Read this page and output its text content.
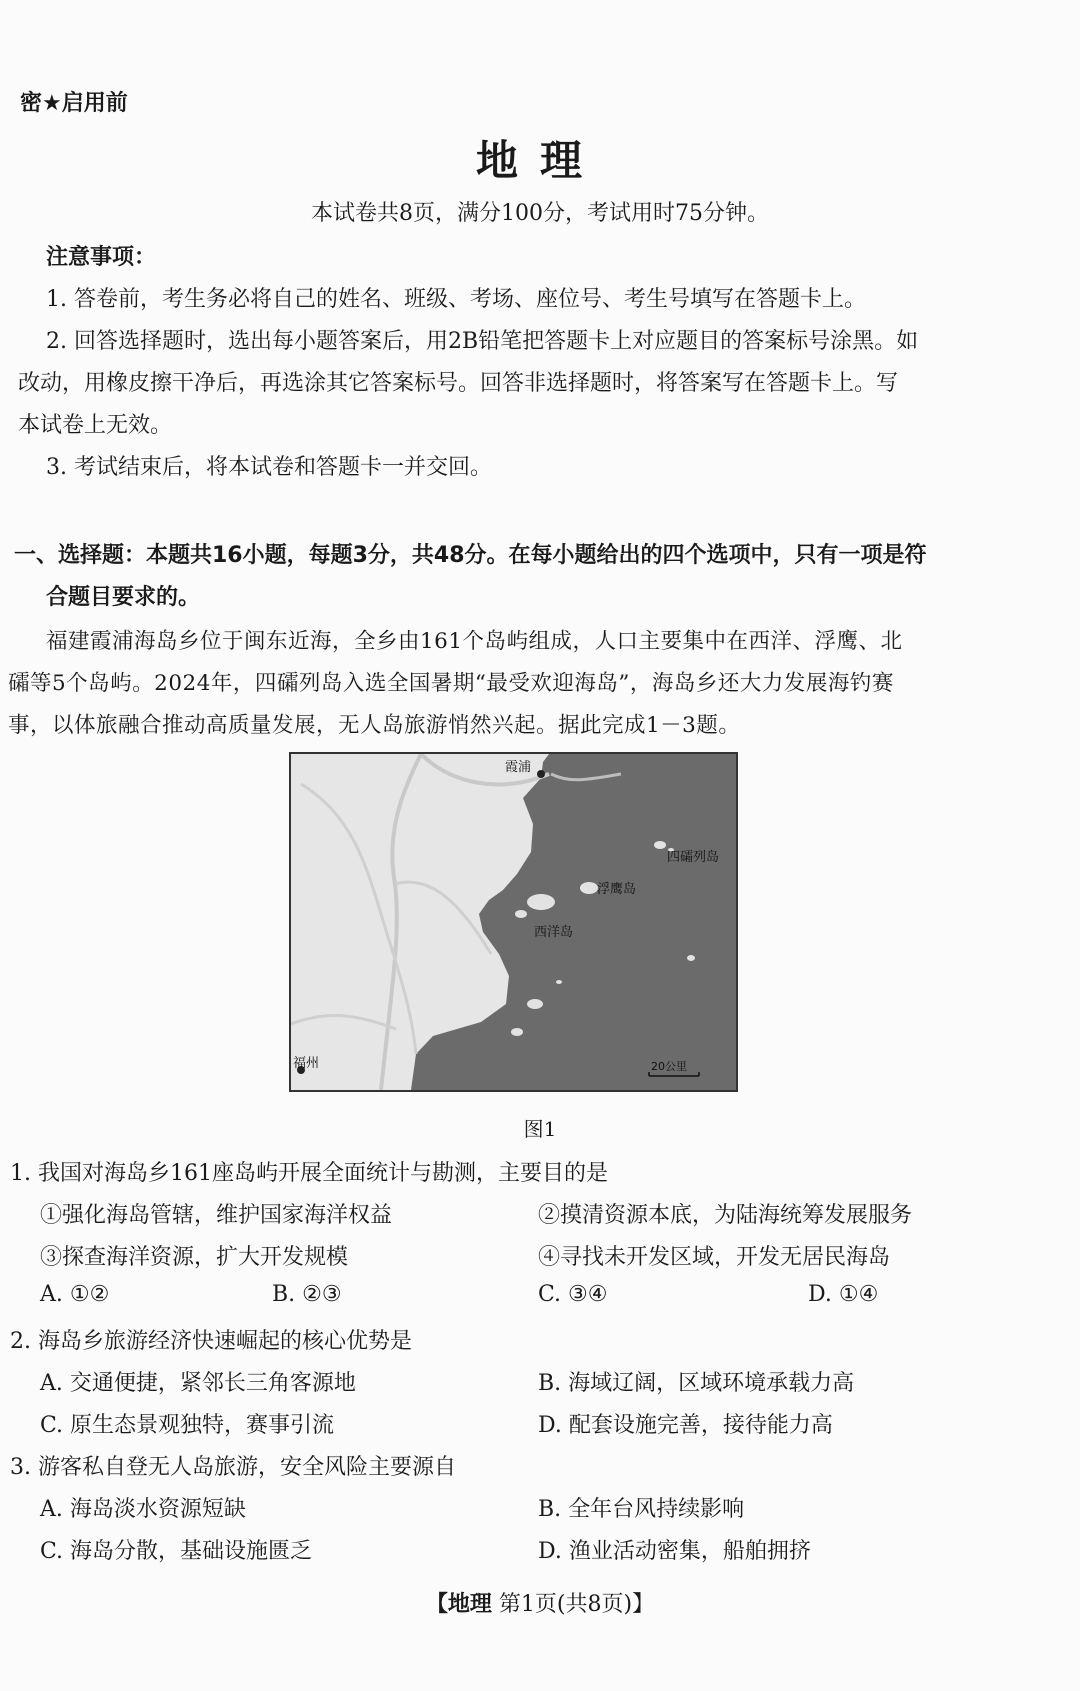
密★启用前
地理
本试卷共8页，满分100分，考试用时75分钟。
注意事项：
1. 答卷前，考生务必将自己的姓名、班级、考场、座位号、考生号填写在答题卡上。
2. 回答选择题时，选出每小题答案后，用2B铅笔把答题卡上对应题目的答案标号涂黑。如
改动，用橡皮擦干净后，再选涂其它答案标号。回答非选择题时，将答案写在答题卡上。写
本试卷上无效。
3. 考试结束后，将本试卷和答题卡一并交回。
一、选择题：本题共16小题，每题3分，共48分。在每小题给出的四个选项中，只有一项是符
合题目要求的。
福建霞浦海岛乡位于闽东近海，全乡由161个岛屿组成，人口主要集中在西洋、浮鹰、北
礵等5个岛屿。2024年，四礵列岛入选全国暑期“最受欢迎海岛”，海岛乡还大力发展海钓赛
事，以体旅融合推动高质量发展，无人岛旅游悄然兴起。据此完成1－3题。
霞浦
四礵列岛
浮鹰岛
西洋岛
福州	20公里
图1
1. 我国对海岛乡161座岛屿开展全面统计与勘测，主要目的是
①强化海岛管辖，维护国家海洋权益	②摸清资源本底，为陆海统筹发展服务
③探查海洋资源，扩大开发规模	④寻找未开发区域，开发无居民海岛
A. ①②	B. ②③	C. ③④	D. ①④
2. 海岛乡旅游经济快速崛起的核心优势是
A. 交通便捷，紧邻长三角客源地	B. 海域辽阔，区域环境承载力高
C. 原生态景观独特，赛事引流	D. 配套设施完善，接待能力高
3. 游客私自登无人岛旅游，安全风险主要源自
A. 海岛淡水资源短缺	B. 全年台风持续影响
C. 海岛分散，基础设施匮乏	D. 渔业活动密集，船舶拥挤
【地理 第1页(共8页)】
